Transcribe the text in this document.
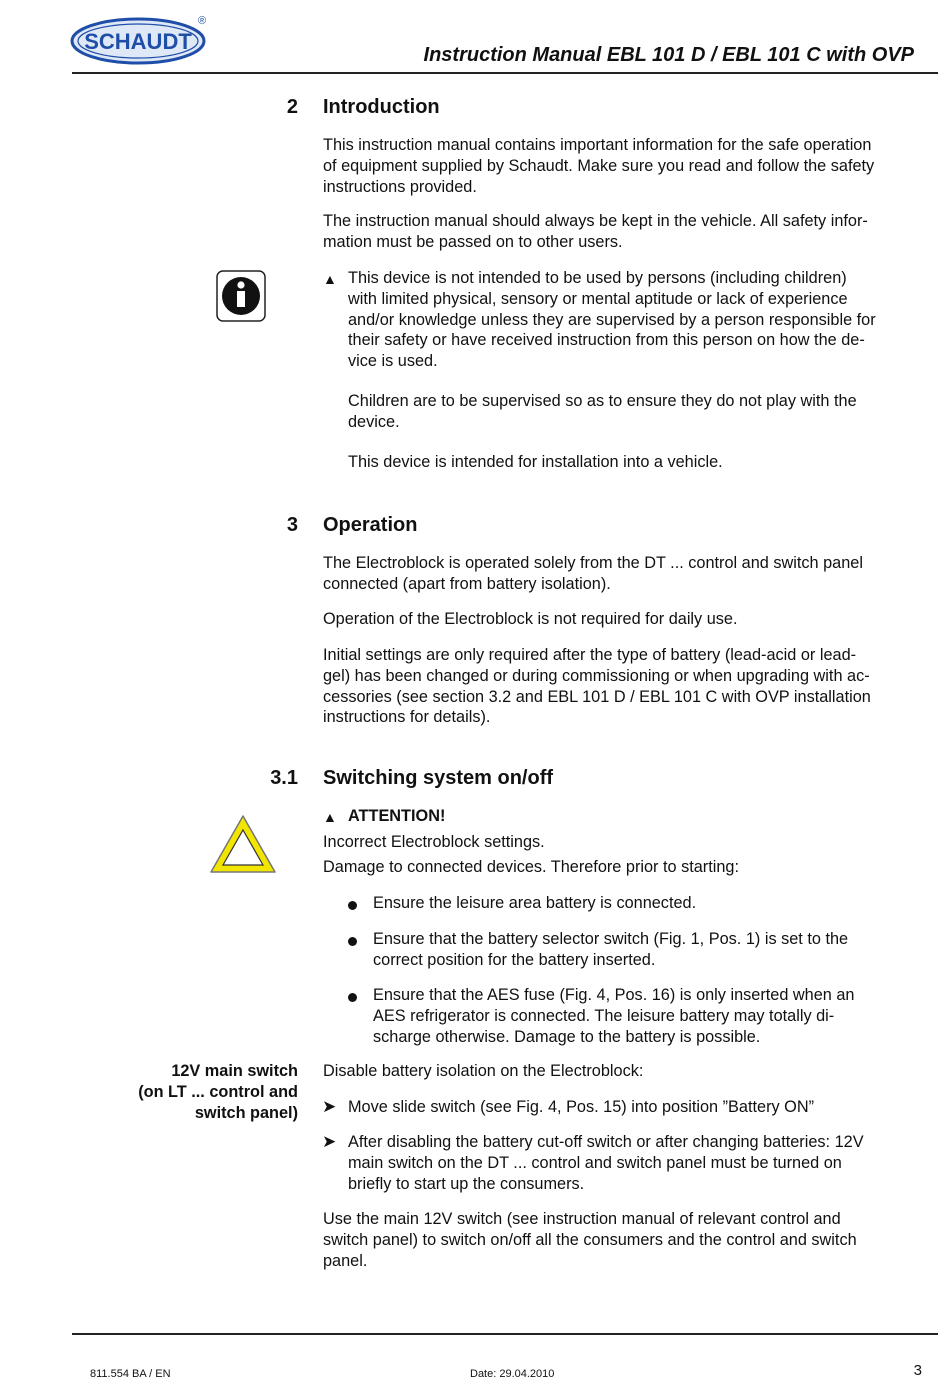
SCHAUDT
®
Instruction Manual EBL 101 D / EBL 101 C with OVP
2 Introduction
This instruction manual contains important information for the safe operation
of equipment supplied by Schaudt. Make sure you read and follow the safety
instructions provided.
The instruction manual should always be kept in the vehicle. All safety infor-
mation must be passed on to other users.
▲ This device is not intended to be used by persons (including children)
with limited physical, sensory or mental aptitude or lack of experience
and/or knowledge unless they are supervised by a person responsible for
their safety or have received instruction from this person on how the de-
vice is used.
Children are to be supervised so as to ensure they do not play with the
device.
This device is intended for installation into a vehicle.
3 Operation
The Electroblock is operated solely from the DT ... control and switch panel
connected (apart from battery isolation).
Operation of the Electroblock is not required for daily use.
Initial settings are only required after the type of battery (lead-acid or lead-
gel) has been changed or during commissioning or when upgrading with ac-
cessories (see section 3.2 and EBL 101 D / EBL 101 C with OVP installation
instructions for details).
3.1 Switching system on/off
▲ ATTENTION!
Incorrect Electroblock settings.
Damage to connected devices. Therefore prior to starting:
Ensure the leisure area battery is connected.
Ensure that the battery selector switch (Fig. 1, Pos. 1) is set to the
correct position for the battery inserted.
Ensure that the AES fuse (Fig. 4, Pos. 16) is only inserted when an
AES refrigerator is connected. The leisure battery may totally di-
scharge otherwise. Damage to the battery is possible.
12V main switch
(on LT ... control and
switch panel)
Disable battery isolation on the Electroblock:
➤ Move slide switch (see Fig. 4, Pos. 15) into position ”Battery ON”
➤ After disabling the battery cut-off switch or after changing batteries: 12V
main switch on the DT ... control and switch panel must be turned on
briefly to start up the consumers.
Use the main 12V switch (see instruction manual of relevant control and
switch panel) to switch on/off all the consumers and the control and switch
panel.
811.554 BA / EN	Date: 29.04.2010	3
